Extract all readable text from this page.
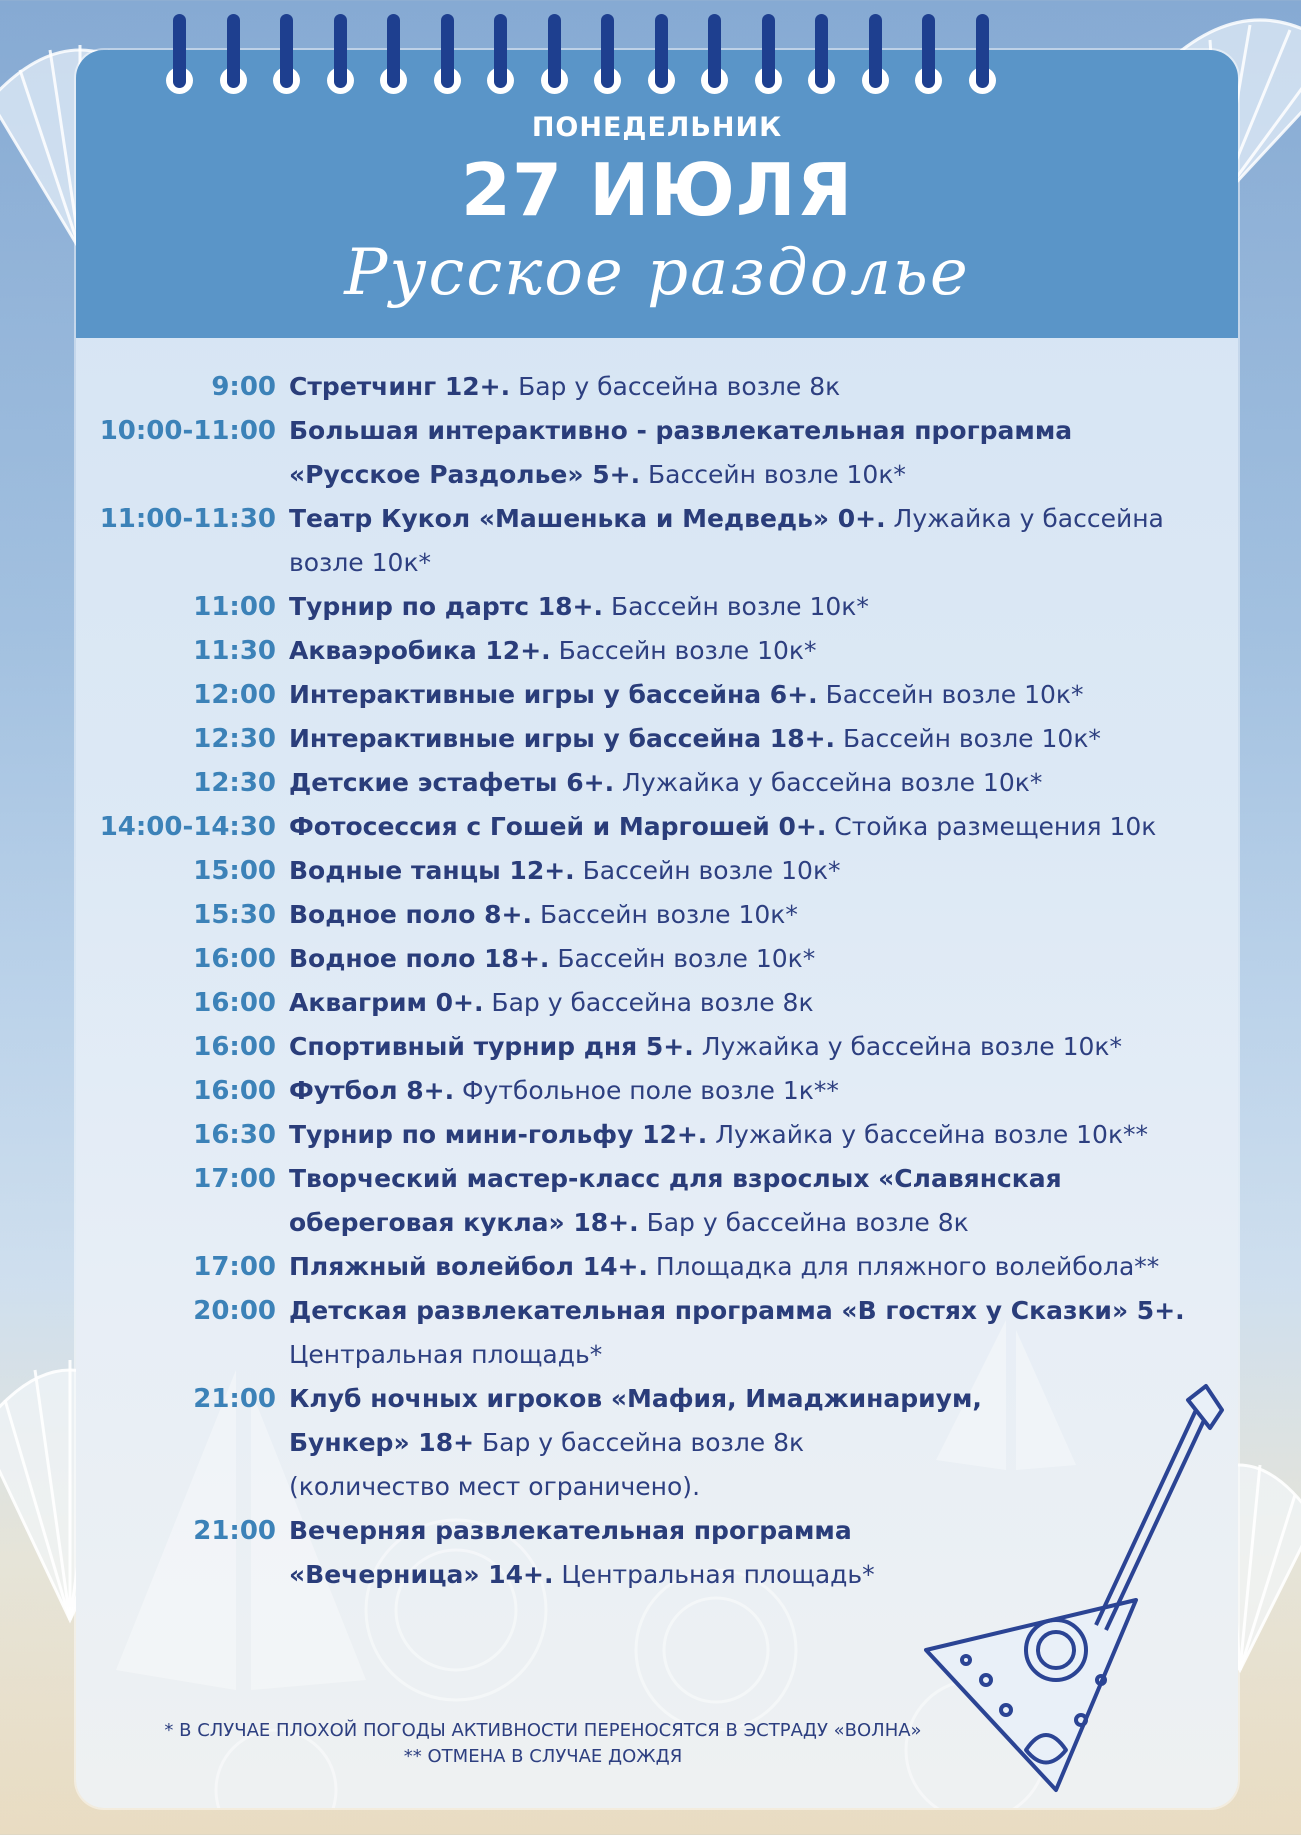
ПОНЕДЕЛЬНИК
27 ИЮЛЯ
Русское раздолье
9:00 Стретчинг 12+. Бар у бассейна возле 8к
10:00-11:00 Большая интерактивно - развлекательная программа
«Русское Раздолье» 5+. Бассейн возле 10к*
11:00-11:30 Театр Кукол «Машенька и Медведь» 0+. Лужайка у бассейна
возле 10к*
11:00 Турнир по дартс 18+. Бассейн возле 10к*
11:30 Акваэробика 12+. Бассейн возле 10к*
12:00 Интерактивные игры у бассейна 6+. Бассейн возле 10к*
12:30 Интерактивные игры у бассейна 18+. Бассейн возле 10к*
12:30 Детские эстафеты 6+. Лужайка у бассейна возле 10к*
14:00-14:30 Фотосессия с Гошей и Маргошей 0+. Стойка размещения 10к
15:00 Водные танцы 12+. Бассейн возле 10к*
15:30 Водное поло 8+. Бассейн возле 10к*
16:00 Водное поло 18+. Бассейн возле 10к*
16:00 Аквагрим 0+. Бар у бассейна возле 8к
16:00 Спортивный турнир дня 5+. Лужайка у бассейна возле 10к*
16:00 Футбол 8+. Футбольное поле возле 1к**
16:30 Турнир по мини-гольфу 12+. Лужайка у бассейна возле 10к**
17:00 Творческий мастер-класс для взрослых «Славянская
обереговая кукла» 18+. Бар у бассейна возле 8к
17:00 Пляжный волейбол 14+. Площадка для пляжного волейбола**
20:00 Детская развлекательная программа «В гостях у Сказки» 5+.
Центральная площадь*
21:00 Клуб ночных игроков «Мафия, Имаджинариум,
Бункер» 18+ Бар у бассейна возле 8к
(количество мест ограничено).
21:00 Вечерняя развлекательная программа
«Вечерница» 14+. Центральная площадь*
* В СЛУЧАЕ ПЛОХОЙ ПОГОДЫ АКТИВНОСТИ ПЕРЕНОСЯТСЯ В ЭСТРАДУ «ВОЛНА»
** ОТМЕНА В СЛУЧАЕ ДОЖДЯ
